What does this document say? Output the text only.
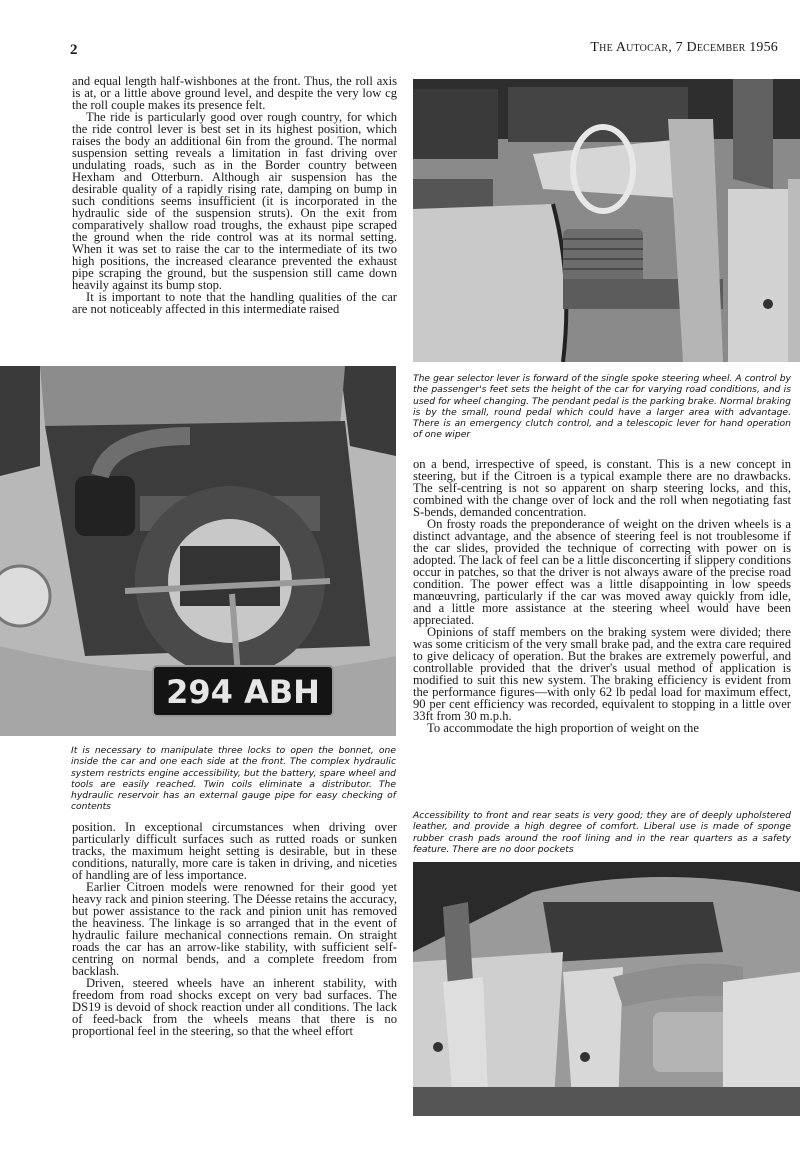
2	The Autocar, 7 December 1956

and equal length half-wishbones at the front. Thus, the roll axis is at, or a little above ground level, and despite the very low cg the roll couple makes its presence felt.

The ride is particularly good over rough country, for which the ride control lever is best set in its highest position, which raises the body an additional 6in from the ground. The normal suspension setting reveals a limitation in fast driving over undulating roads, such as in the Border country between Hexham and Otterburn. Although air suspension has the desirable quality of a rapidly rising rate, damping on bump in such conditions seems insufficient (it is incorporated in the hydraulic side of the suspension struts). On the exit from comparatively shallow road troughs, the exhaust pipe scraped the ground when the ride control was at its normal setting. When it was set to raise the car to the intermediate of its two high positions, the increased clearance prevented the exhaust pipe scraping the ground, but the suspension still came down heavily against its bump stop.

It is important to note that the handling qualities of the car are not noticeably affected in this intermediate raised

The gear selector lever is forward of the single spoke steering wheel. A control by the passenger's feet sets the height of the car for varying road conditions, and is used for wheel changing. The pendant pedal is the parking brake. Normal braking is by the small, round pedal which could have a larger area with advantage. There is an emergency clutch control, and a telescopic lever for hand operation of one wiper
294 ABH
It is necessary to manipulate three locks to open the bonnet, one inside the car and one each side at the front. The complex hydraulic system restricts engine accessibility, but the battery, spare wheel and tools are easily reached. Twin coils eliminate a distributor. The hydraulic reservoir has an external gauge pipe for easy checking of contents

on a bend, irrespective of speed, is constant. This is a new concept in steering, but if the Citroen is a typical example there are no drawbacks. The self-centring is not so apparent on sharp steering locks, and this, combined with the change over of lock and the roll when negotiating fast S-bends, demanded concentration.

On frosty roads the preponderance of weight on the driven wheels is a distinct advantage, and the absence of steering feel is not troublesome if the car slides, provided the technique of correcting with power on is adopted. The lack of feel can be a little disconcerting if slippery conditions occur in patches, so that the driver is not always aware of the precise road condition. The power effect was a little disappointing in low speeds manœuvring, particularly if the car was moved away quickly from idle, and a little more assistance at the steering wheel would have been appreciated.

Opinions of staff members on the braking system were divided; there was some criticism of the very small brake pad, and the extra care required to give delicacy of operation. But the brakes are extremely powerful, and controllable provided that the driver's usual method of application is modified to suit this new system. The braking efficiency is evident from the performance figures—with only 62 lb pedal load for maximum effect, 90 per cent efficiency was recorded, equivalent to stopping in a little over 33ft from 30 m.p.h.

To accommodate the high proportion of weight on the

Accessibility to front and rear seats is very good; they are of deeply upholstered leather, and provide a high degree of comfort. Liberal use is made of sponge rubber crash pads around the roof lining and in the rear quarters as a safety feature. There are no door pockets

position. In exceptional circumstances when driving over particularly difficult surfaces such as rutted roads or sunken tracks, the maximum height setting is desirable, but in these conditions, naturally, more care is taken in driving, and niceties of handling are of less importance.

Earlier Citroen models were renowned for their good yet heavy rack and pinion steering. The Déesse retains the accuracy, but power assistance to the rack and pinion unit has removed the heaviness. The linkage is so arranged that in the event of hydraulic failure mechanical connections remain. On straight roads the car has an arrow-like stability, with sufficient self-centring on normal bends, and a complete freedom from backlash.

Driven, steered wheels have an inherent stability, with freedom from road shocks except on very bad surfaces. The DS19 is devoid of shock reaction under all conditions. The lack of feed-back from the wheels means that there is no proportional feel in the steering, so that the wheel effort
